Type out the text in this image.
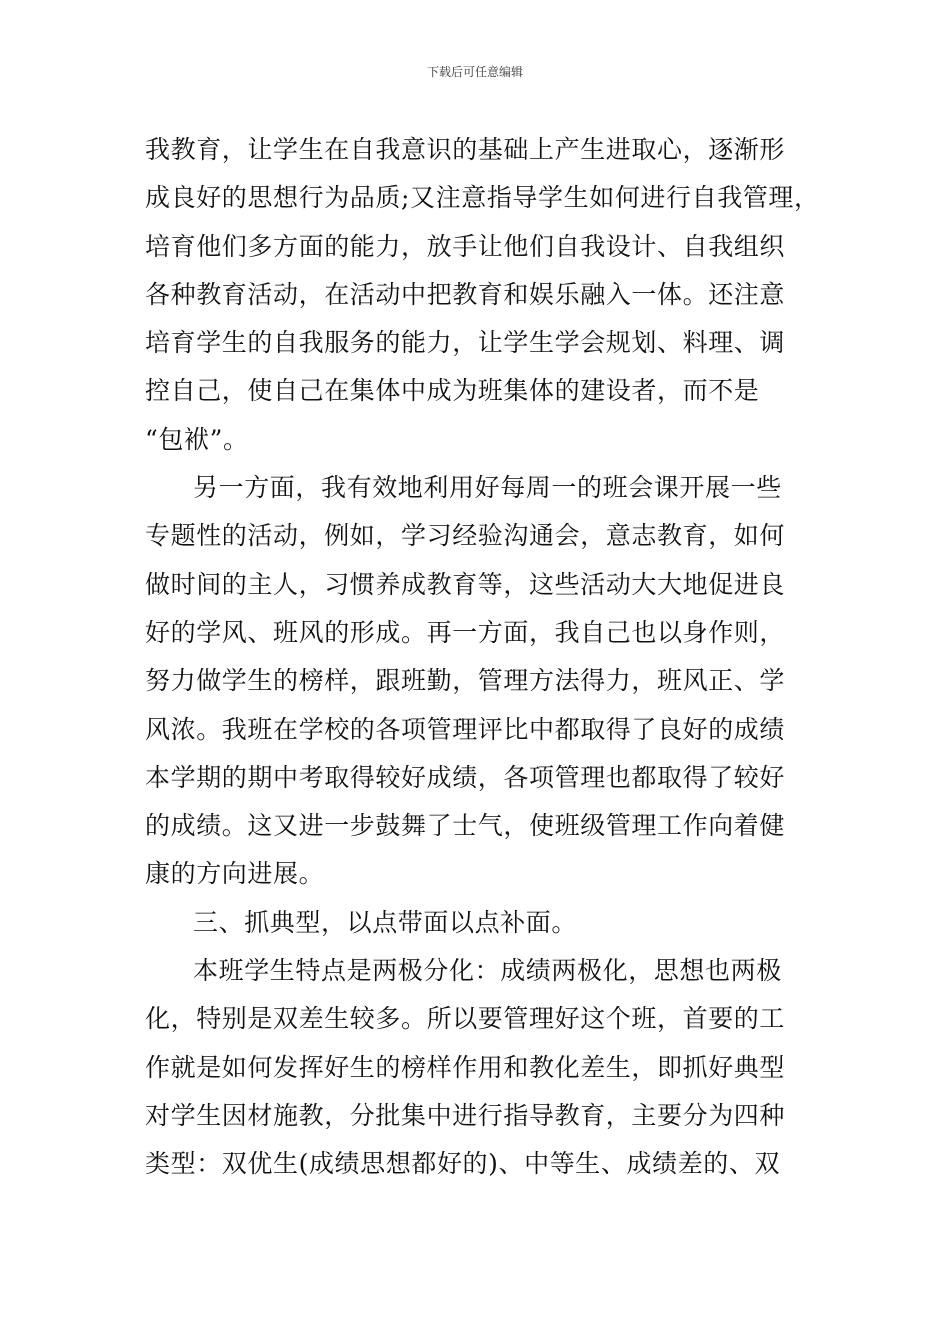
下载后可任意编辑
我教育，让学生在自我意识的基础上产生进取心，逐渐形
成良好的思想行为品质;又注意指导学生如何进行自我管理，
培育他们多方面的能力，放手让他们自我设计、自我组织
各种教育活动，在活动中把教育和娱乐融入一体。还注意
培育学生的自我服务的能力，让学生学会规划、料理、调
控自己，使自己在集体中成为班集体的建设者，而不是
“包袱”。
另一方面，我有效地利用好每周一的班会课开展一些
专题性的活动，例如，学习经验沟通会，意志教育，如何
做时间的主人，习惯养成教育等，这些活动大大地促进良
好的学风、班风的形成。再一方面，我自己也以身作则，
努力做学生的榜样，跟班勤，管理方法得力，班风正、学
风浓。我班在学校的各项管理评比中都取得了良好的成绩
本学期的期中考取得较好成绩，各项管理也都取得了较好
的成绩。这又进一步鼓舞了士气，使班级管理工作向着健
康的方向进展。
三、抓典型，以点带面以点补面。
本班学生特点是两极分化：成绩两极化，思想也两极
化，特别是双差生较多。所以要管理好这个班，首要的工
作就是如何发挥好生的榜样作用和教化差生，即抓好典型
对学生因材施教，分批集中进行指导教育，主要分为四种
类型：双优生(成绩思想都好的)、中等生、成绩差的、双
